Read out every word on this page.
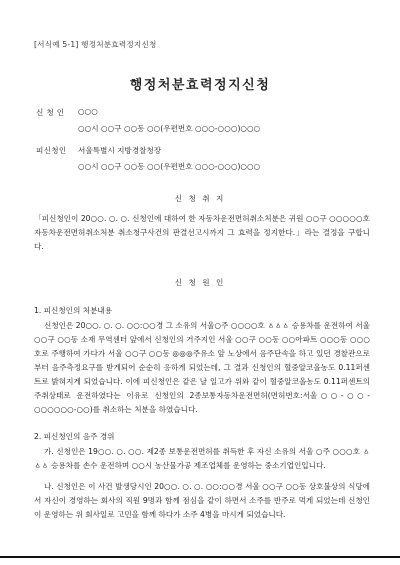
[서식예 5-1] 행정처분효력정지신청
행정처분효력정지신청
신 청 인 ○○○
○○시 ○○구 ○○동 ○○(우편번호 ○○○-○○○)○○○
피신청인 서울특별시 지방경찰청장
○○시 ○○구 ○○동 ○○(우편번호 ○○○-○○○)○○○
신 청 취 지
「피신청인이 20○○. ○. ○. 신청인에 대하여 한 자동차운전면허취소처분은 귀원 ○○구 ○○○○○호 자동차운전면허취소처분 취소청구사건의 판결선고시까지 그 효력을 정지한다.」라는 결정을 구합니다.
신 청 원 인
1. 피신청인의 처분내용
신청인은 20○○. ○. ○. ○○:○○경 그 소유의 서울○주 ○○○○호 ㅿㅿㅿ 승용차를 운전하여 서울 ○○구 ○○동 소재 무역센터 앞에서 신청인의 거주지인 서울 ○○구 ○○동 ○○아파트 ○○○동 ○○○호로 주행하여 가다가 서울 ○○구 ○○동 ◎◎◎주유소 앞 노상에서 음주단속을 하고 있던 경찰관으로부터 음주측정요구를 받게되어 순순히 응하게 되었는데, 그 결과 신청인의 혈중알코올농도 0.11퍼센트로 밝혀지게 되었습니다. 이에 피신청인은 같은 날 일고가 위와 같이 혈중알코올농도 0.11퍼센트의 주취상태로 운전하였다는 이유로 신청인의 2종보통자동차운전면허(면허번호:서울○○-○○-○○○○○○-○○)를 취소하는 처분을 하였습니다.
2. 피신청인의 음주 경위
가. 신청인은 19○○. ○. ○○. 제2종 보통운전면허를 취득한 후 자신 소유의 서울 ○주 ○○○호 ㅿㅿㅿ 승용차를 손수 운전하며 ○○시 농산물가공 제조업체를 운영하는 중소기업인입니다.
나. 신청인은 이 사건 발생당시인 20○○. ○. ○. ○○:○○경 서울 ○○구 ○○동 상호불상의 식당에서 자신이 경영하는 회사의 직원 9명과 함께 점심을 같이 하면서 소주를 반주로 먹게 되었는데 신청인이 운영하는 위 회사일로 고민을 함께 하다가 소주 4병을 마시게 되었습니다.
